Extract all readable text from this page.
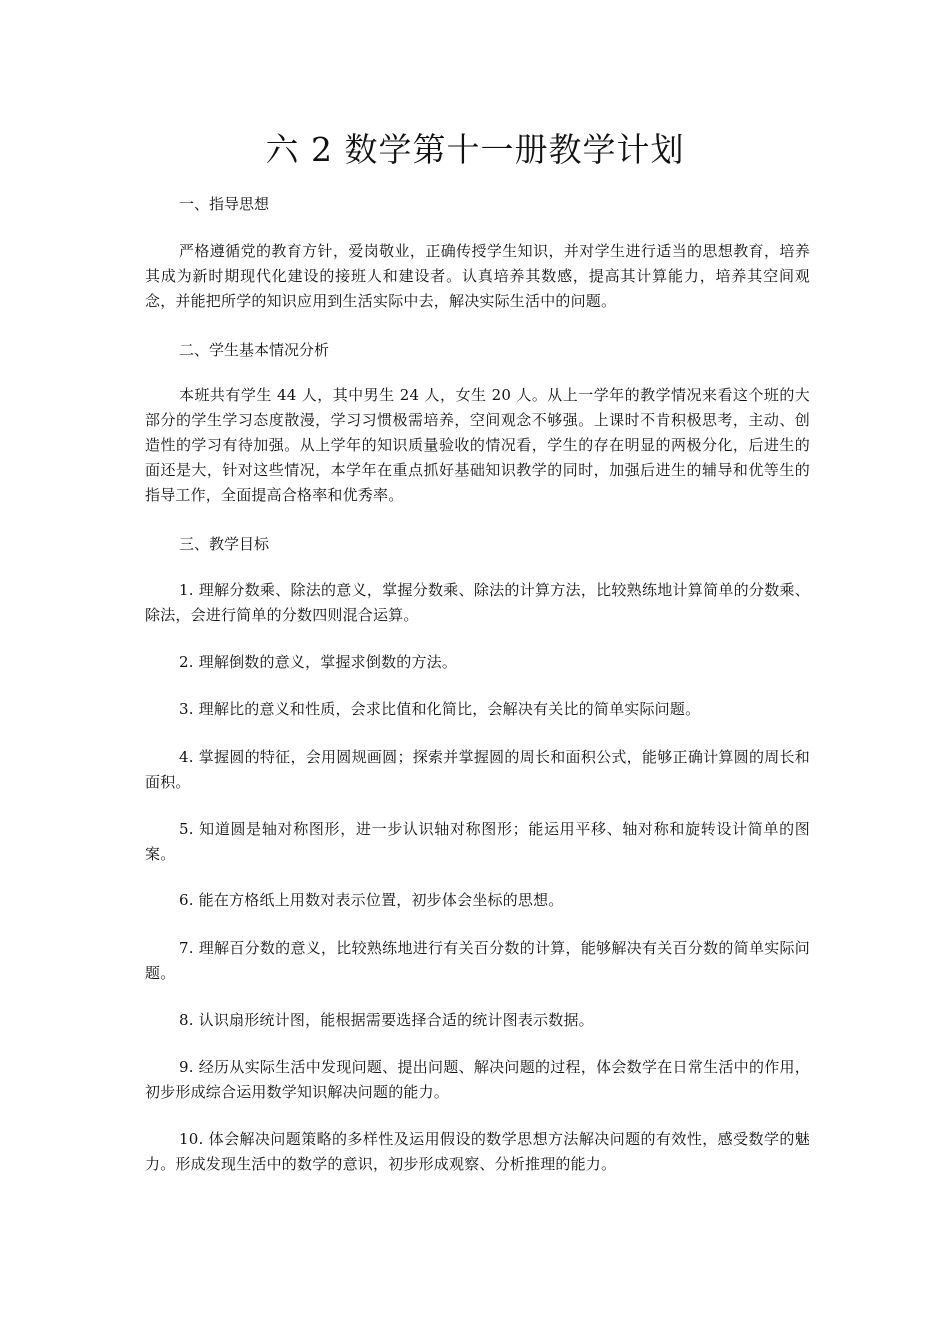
六 2 数学第十一册教学计划

一、指导思想

严格遵循党的教育方针，爱岗敬业，正确传授学生知识，并对学生进行适当的思想教育，培养其成为新时期现代化建设的接班人和建设者。认真培养其数感，提高其计算能力，培养其空间观念，并能把所学的知识应用到生活实际中去，解决实际生活中的问题。

二、学生基本情况分析

本班共有学生 44 人，其中男生 24 人，女生 20 人。从上一学年的教学情况来看这个班的大部分的学生学习态度散漫，学习习惯极需培养，空间观念不够强。上课时不肯积极思考，主动、创造性的学习有待加强。从上学年的知识质量验收的情况看，学生的存在明显的两极分化，后进生的面还是大，针对这些情况，本学年在重点抓好基础知识教学的同时，加强后进生的辅导和优等生的指导工作，全面提高合格率和优秀率。

三、教学目标

1. 理解分数乘、除法的意义，掌握分数乘、除法的计算方法，比较熟练地计算简单的分数乘、除法，会进行简单的分数四则混合运算。

2. 理解倒数的意义，掌握求倒数的方法。

3. 理解比的意义和性质，会求比值和化简比，会解决有关比的简单实际问题。

4. 掌握圆的特征，会用圆规画圆；探索并掌握圆的周长和面积公式，能够正确计算圆的周长和面积。

5. 知道圆是轴对称图形，进一步认识轴对称图形；能运用平移、轴对称和旋转设计简单的图案。

6. 能在方格纸上用数对表示位置，初步体会坐标的思想。

7. 理解百分数的意义，比较熟练地进行有关百分数的计算，能够解决有关百分数的简单实际问题。

8. 认识扇形统计图，能根据需要选择合适的统计图表示数据。

9. 经历从实际生活中发现问题、提出问题、解决问题的过程，体会数学在日常生活中的作用，初步形成综合运用数学知识解决问题的能力。

10. 体会解决问题策略的多样性及运用假设的数学思想方法解决问题的有效性，感受数学的魅力。形成发现生活中的数学的意识，初步形成观察、分析推理的能力。
